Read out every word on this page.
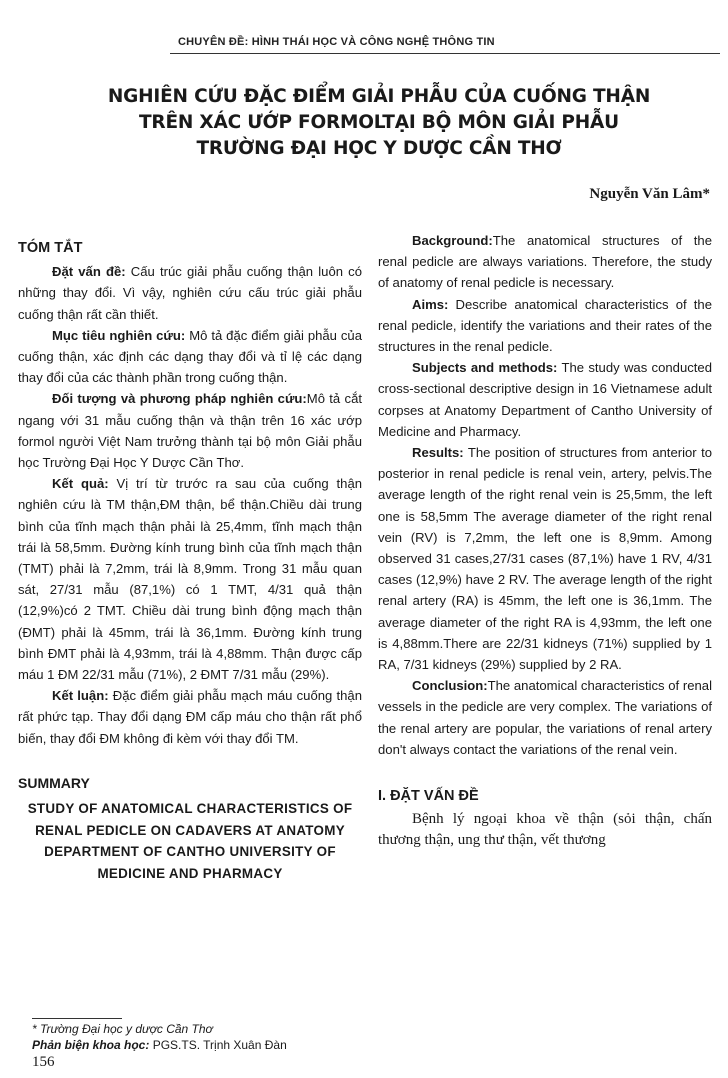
CHUYÊN ĐỀ: HÌNH THÁI HỌC VÀ CÔNG NGHỆ THÔNG TIN
NGHIÊN CỨU ĐẶC ĐIỂM GIẢI PHẪU CỦA CUỐNG THẬN
TRÊN XÁC ƯỚP FORMOLTẠI BỘ MÔN GIẢI PHẪU
TRƯỜNG ĐẠI HỌC Y DƯỢC CẦN THƠ
Nguyễn Văn Lâm*
TÓM TẮT

Đặt vấn đề: Cấu trúc giải phẫu cuống thận luôn có những thay đổi. Vì vậy, nghiên cứu cấu trúc giải phẫu cuống thận rất cần thiết.

Mục tiêu nghiên cứu: Mô tả đặc điểm giải phẫu của cuống thận, xác định các dạng thay đổi và tỉ lệ các dạng thay đổi của các thành phần trong cuống thận.

Đối tượng và phương pháp nghiên cứu:Mô tả cắt ngang với 31 mẫu cuống thận và thận trên 16 xác ướp formol người Việt Nam trưởng thành tại bộ môn Giải phẫu học Trường Đại Học Y Dược Cần Thơ.

Kết quả: Vị trí từ trước ra sau của cuống thận nghiên cứu là TM thận,ĐM thận, bể thận.Chiều dài trung bình của tĩnh mạch thận phải là 25,4mm, tĩnh mạch thận trái là 58,5mm. Đường kính trung bình của tĩnh mạch thận (TMT) phải là 7,2mm, trái là 8,9mm. Trong 31 mẫu quan sát, 27/31 mẫu (87,1%) có 1 TMT, 4/31 quả thận (12,9%)có 2 TMT. Chiều dài trung bình động mạch thận (ĐMT) phải là 45mm, trái là 36,1mm. Đường kính trung bình ĐMT phải là 4,93mm, trái là 4,88mm. Thận được cấp máu 1 ĐM 22/31 mẫu (71%), 2 ĐMT 7/31 mẫu (29%).

Kết luận: Đặc điểm giải phẫu mạch máu cuống thận rất phức tạp. Thay đổi dạng ĐM cấp máu cho thận rất phổ biến, thay đổi ĐM không đi kèm với thay đổi TM.

SUMMARY
STUDY OF ANATOMICAL CHARACTERISTICS OF RENAL PEDICLE ON CADAVERS AT ANATOMY DEPARTMENT OF CANTHO UNIVERSITY OF MEDICINE AND PHARMACY

Background:The anatomical structures of the renal pedicle are always variations. Therefore, the study of anatomy of renal pedicle is necessary.

Aims: Describe anatomical characteristics of the renal pedicle, identify the variations and their rates of the structures in the renal pedicle.

Subjects and methods: The study was conducted cross-sectional descriptive design in 16 Vietnamese adult corpses at Anatomy Department of Cantho University of Medicine and Pharmacy.

Results: The position of structures from anterior to posterior in renal pedicle is renal vein, artery, pelvis.The average length of the right renal vein is 25,5mm, the left one is 58,5mm The average diameter of the right renal vein (RV) is 7,2mm, the left one is 8,9mm. Among observed 31 cases,27/31 cases (87,1%) have 1 RV, 4/31 cases (12,9%) have 2 RV. The average length of the right renal artery (RA) is 45mm, the left one is 36,1mm. The average diameter of the right RA is 4,93mm, the left one is 4,88mm.There are 22/31 kidneys (71%) supplied by 1 RA, 7/31 kidneys (29%) supplied by 2 RA.

Conclusion:The anatomical characteristics of renal vessels in the pedicle are very complex. The variations of the renal artery are popular, the variations of renal artery don't always contact the variations of the renal vein.

I. ĐẶT VẤN ĐỀ

Bệnh lý ngoại khoa về thận (sỏi thận, chấn thương thận, ung thư thận, vết thương

* Trường Đại học y dược Cần Thơ
Phản biện khoa học: PGS.TS. Trịnh Xuân Đàn
156
